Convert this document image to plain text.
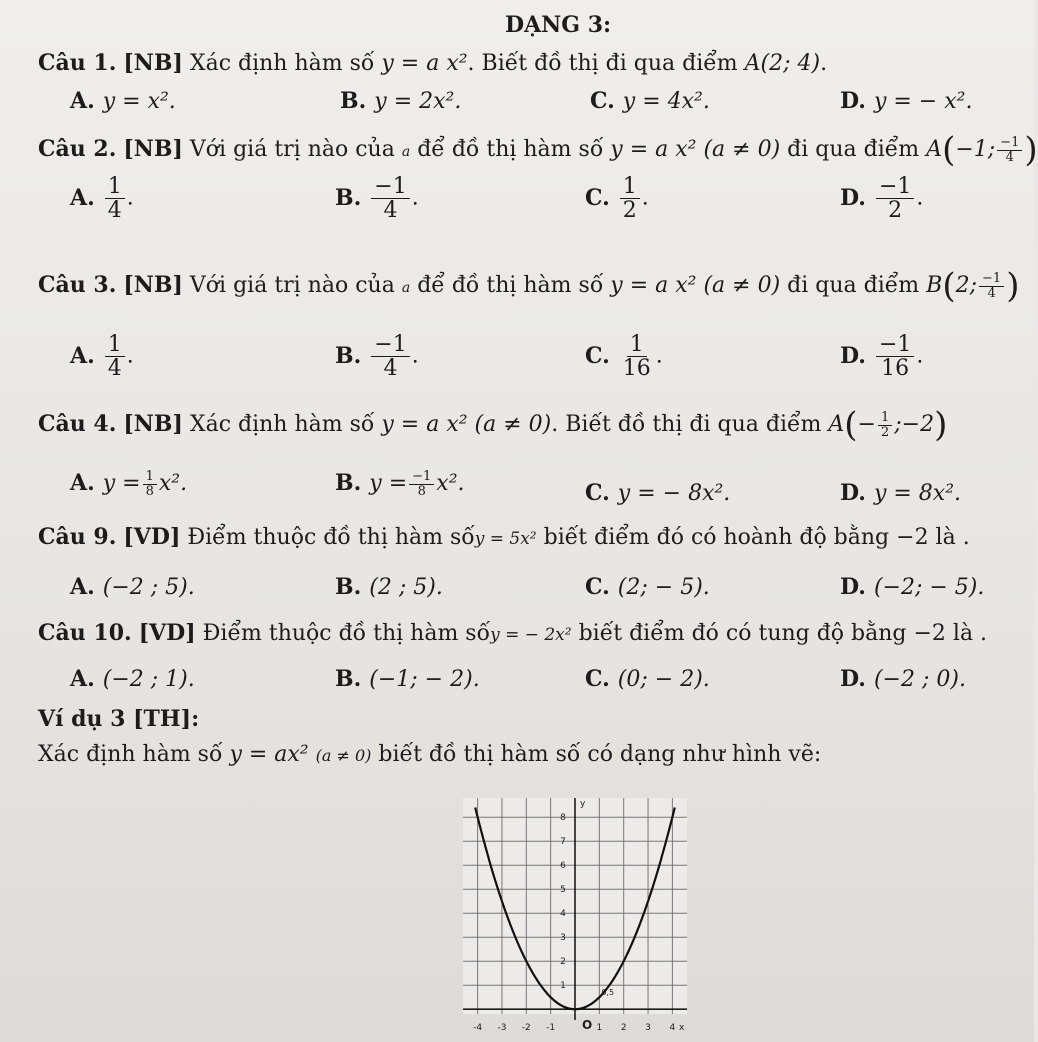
DẠNG 3:
Câu 1. [NB] Xác định hàm số y = a x². Biết đồ thị đi qua điểm A(2; 4).
A. y = x².	B. y = 2x².	C. y = 4x².	D. y = − x².
Câu 2. [NB] Với giá trị nào của a để đồ thị hàm số y = a x² (a ≠ 0) đi qua điểm A(−1; $\frac{-1}{4}$ )
A. $\frac{1}{4}$ .	B. $\frac{-1}{4}$ .	C. $\frac{1}{2}$ .	D. $\frac{-1}{2}$ .
Câu 3. [NB] Với giá trị nào của a để đồ thị hàm số y = a x² (a ≠ 0) đi qua điểm B(2; $\frac{-1}{4}$ )
A. $\frac{1}{4}$ .	B. $\frac{-1}{4}$ .	C. $\frac{1}{16}$ .	D. $\frac{-1}{16}$ .
Câu 4. [NB] Xác định hàm số y = a x² (a ≠ 0). Biết đồ thị đi qua điểm $A(- \frac{1}{2}$ ;−2)
A. $y = \frac{1}{8} x^2$.	B. $y = \frac{-1}{8} x^2$.	C. y = − 8x².	D. y = 8x².
Câu 9. [VD] Điểm thuộc đồ thị hàm sốy = 5x² biết điểm đó có hoành độ bằng −2 là .
A. (−2 ; 5).	B. (2 ; 5).	C. (2; − 5).	D. (−2; − 5).
Câu 10. [VD] Điểm thuộc đồ thị hàm sốy = − 2x² biết điểm đó có tung độ bằng −2 là .
A. (−2 ; 1).	B. (−1; − 2).	C. (0; − 2).	D. (−2 ; 0).
Ví dụ 3 [TH]:
Xác định hàm số y = ax² (a ≠ 0) biết đồ thị hàm số có dạng như hình vẽ:
-4 -3 -2 -1	1 2 3 4
1
2
3
4
5
6
7
8
O	x
y
0,5
